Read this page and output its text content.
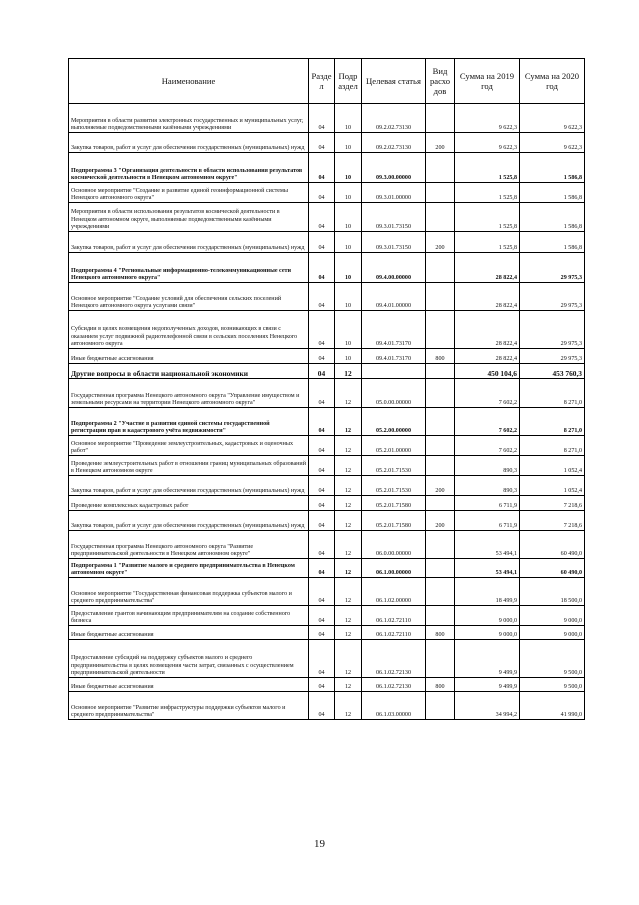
Наименование	Разде л	Подр аздел	Целевая статья	Вид расхо дов	Сумма на 2019 год	Сумма на 2020 год
Мероприятия в области развития электронных государственных и муниципальных услуг, выполняемые подведомственными казёнными учреждениями	04	10	09.2.02.73130		9 622,3	9 622,3
Закупка товаров, работ и услуг для обеспечения государственных (муниципальных) нужд	04	10	09.2.02.73130	200	9 622,3	9 622,3
Подпрограмма 3 "Организация деятельности в области использования результатов космической деятельности в Ненецком автономном округе"	04	10	09.3.00.00000		1 525,8	1 586,8
Основное мероприятие "Создание и развитие единой геоинформационной системы Ненецкого автономного округа"	04	10	09.3.01.00000		1 525,8	1 586,8
Мероприятия в области использования результатов космической деятельности в Ненецком автономном округе, выполняемые подведомственными казёнными учреждениями	04	10	09.3.01.73150		1 525,8	1 586,8
Закупка товаров, работ и услуг для обеспечения государственных (муниципальных) нужд	04	10	09.3.01.73150	200	1 525,8	1 586,8
Подпрограмма 4 "Региональные информационно-телекоммуникационные сети Ненецкого автономного округа"	04	10	09.4.00.00000		28 822,4	29 975,3
Основное мероприятие "Создание условий для обеспечения сельских поселений Ненецкого автономного округа услугами связи"	04	10	09.4.01.00000		28 822,4	29 975,3
Субсидии в целях возмещения недополученных доходов, возникающих в связи с оказанием услуг подвижной радиотелефонной связи в сельских поселениях Ненецкого автономного округа	04	10	09.4.01.73170		28 822,4	29 975,3
Иные бюджетные ассигнования	04	10	09.4.01.73170	800	28 822,4	29 975,3
Другие вопросы в области национальной экономики	04	12			450 104,6	453 760,3
Государственная программа Ненецкого автономного округа "Управление имуществом и земельными ресурсами на территории Ненецкого автономного округа"	04	12	05.0.00.00000		7 602,2	8 271,0
Подпрограмма 2 "Участие в развитии единой системы государственной регистрации прав и кадастрового учёта недвижимости"	04	12	05.2.00.00000		7 602,2	8 271,0
Основное мероприятие "Проведение землеустроительных, кадастровых и оценочных работ"	04	12	05.2.01.00000		7 602,2	8 271,0
Проведение землеустроительных работ в отношении границ муниципальных образований в Ненецком автономном округе	04	12	05.2.01.71530		890,3	1 052,4
Закупка товаров, работ и услуг для обеспечения государственных (муниципальных) нужд	04	12	05.2.01.71530	200	890,3	1 052,4
Проведение комплексных кадастровых работ	04	12	05.2.01.71580		6 711,9	7 218,6
Закупка товаров, работ и услуг для обеспечения государственных (муниципальных) нужд	04	12	05.2.01.71580	200	6 711,9	7 218,6
Государственная программа Ненецкого автономного округа "Развитие предпринимательской деятельности в Ненецком автономном округе"	04	12	06.0.00.00000		53 494,1	60 490,0
Подпрограмма 1 "Развитие малого и среднего предпринимательства в Ненецком автономном округе"	04	12	06.1.00.00000		53 494,1	60 490,0
Основное мероприятие "Государственная финансовая поддержка субъектов малого и среднего предпринимательства"	04	12	06.1.02.00000		18 499,9	18 500,0
Предоставление грантов начинающим предпринимателям на создание собственного бизнеса	04	12	06.1.02.72110		9 000,0	9 000,0
Иные бюджетные ассигнования	04	12	06.1.02.72110	800	9 000,0	9 000,0
Предоставление субсидий на поддержку субъектов малого и среднего предпринимательства в целях возмещения части затрат, связанных с осуществлением предпринимательской деятельности	04	12	06.1.02.72130		9 499,9	9 500,0
Иные бюджетные ассигнования	04	12	06.1.02.72130	800	9 499,9	9 500,0
Основное мероприятие "Развитие инфраструктуры поддержки субъектов малого и среднего предпринимательства"	04	12	06.1.03.00000		34 994,2	41 990,0
19
